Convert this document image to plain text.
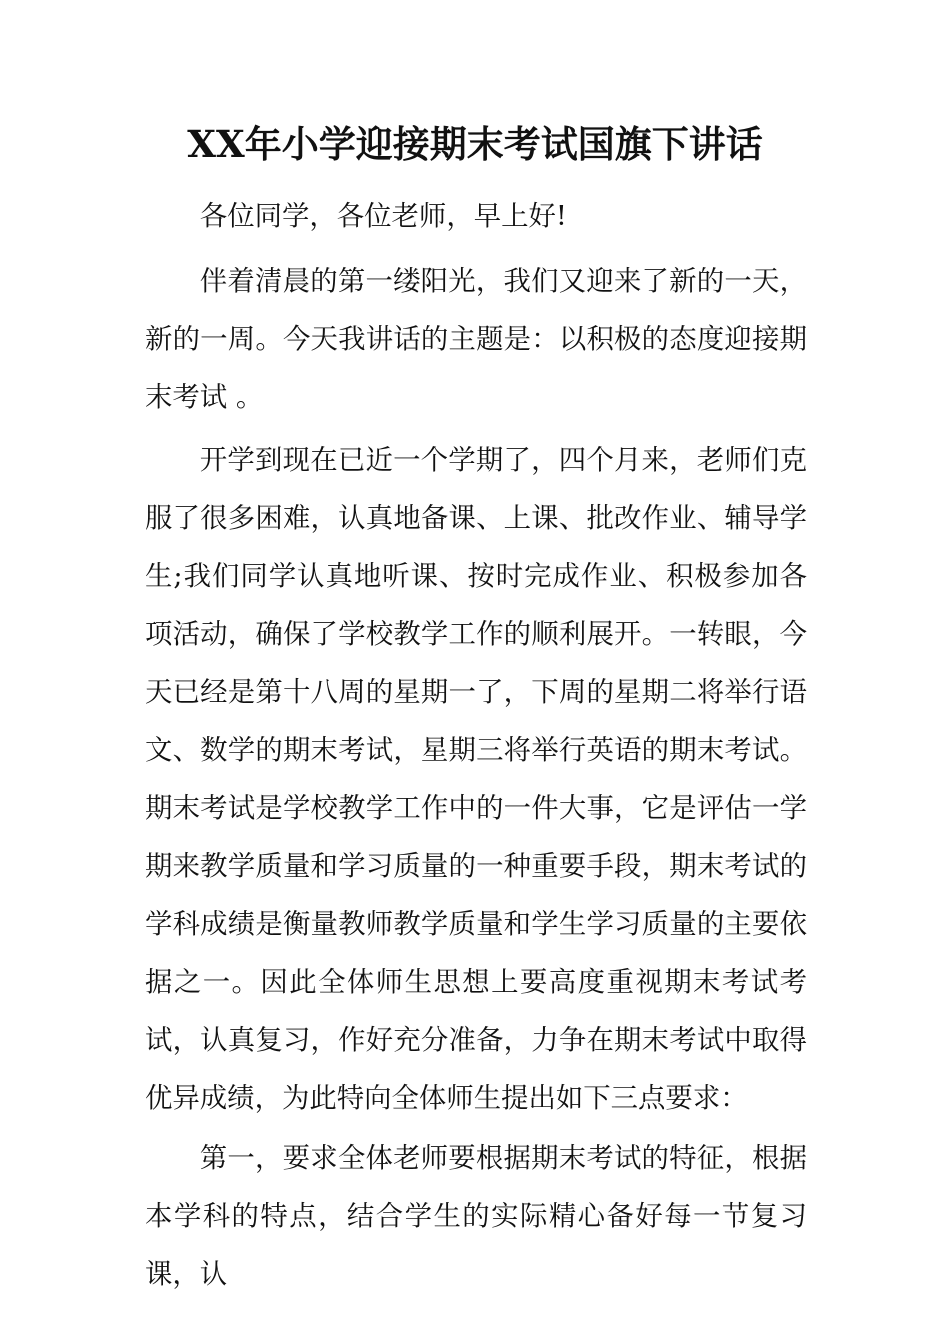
XX年小学迎接期末考试国旗下讲话

各位同学，各位老师，早上好!

伴着清晨的第一缕阳光，我们又迎来了新的一天，新的一周。今天我讲话的主题是：以积极的态度迎接期末考试 。

开学到现在已近一个学期了，四个月来，老师们克服了很多困难，认真地备课、上课、批改作业、辅导学生;我们同学认真地听课、按时完成作业、积极参加各项活动，确保了学校教学工作的顺利展开。一转眼，今天已经是第十八周的星期一了，下周的星期二将举行语文、数学的期末考试，星期三将举行英语的期末考试。期末考试是学校教学工作中的一件大事，它是评估一学期来教学质量和学习质量的一种重要手段，期末考试的学科成绩是衡量教师教学质量和学生学习质量的主要依据之一。因此全体师生思想上要高度重视期末考试考试，认真复习，作好充分准备，力争在期末考试中取得优异成绩，为此特向全体师生提出如下三点要求：

第一，要求全体老师要根据期末考试的特征，根据本学科的特点，结合学生的实际精心备好每一节复习课，认
